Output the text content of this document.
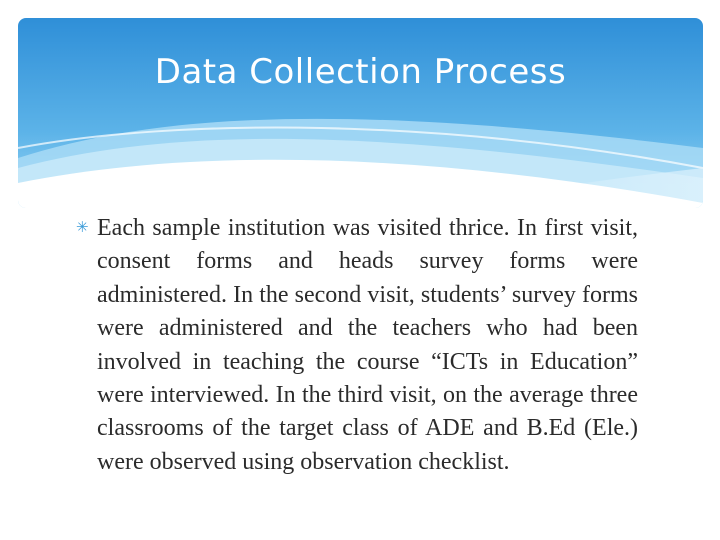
Data Collection Process
✳ Each sample institution was visited thrice. In first visit, consent forms and heads survey forms were administered. In the second visit, students’ survey forms were administered and the teachers who had been involved in teaching the course “ICTs in Education” were interviewed. In the third visit, on the average three classrooms of the target class of ADE and B.Ed (Ele.) were observed using observation checklist.
